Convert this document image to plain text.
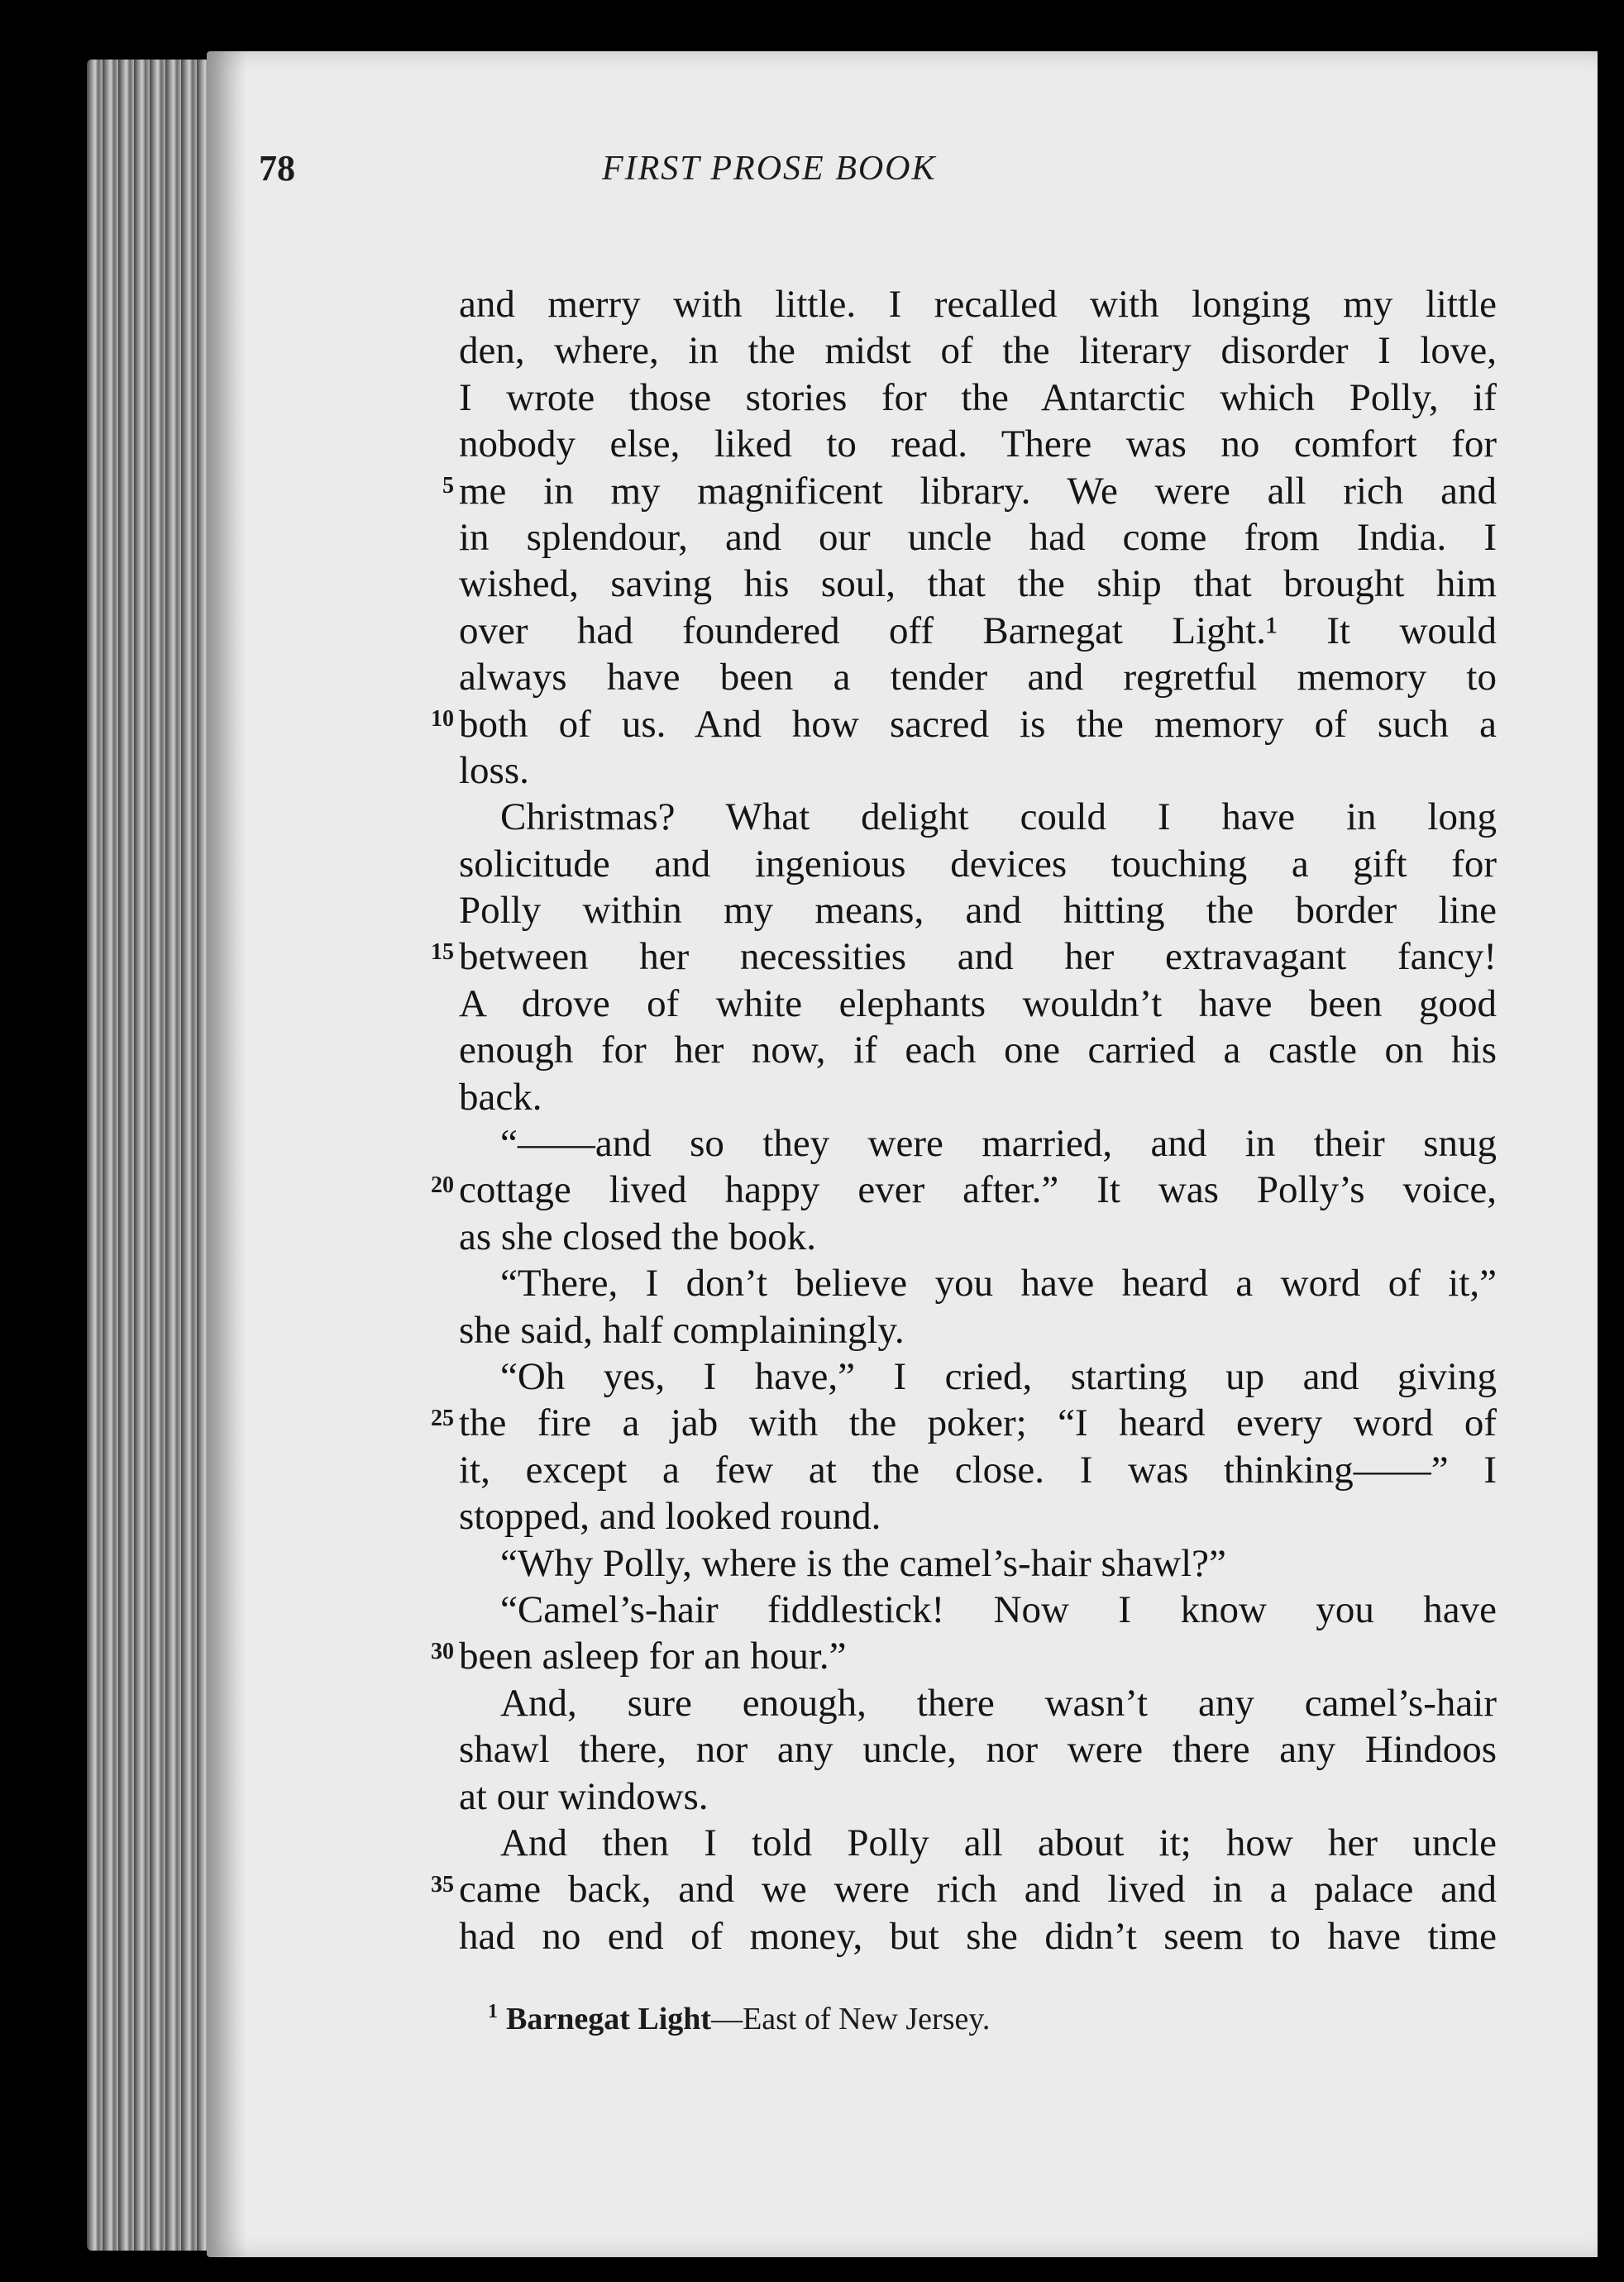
78	FIRST PROSE BOOK
and merry with little. I recalled with longing my little
den, where, in the midst of the literary disorder I love,
I wrote those stories for the Antarctic which Polly, if
nobody else, liked to read. There was no comfort for
me in my magnificent library. We were all rich and
5
in splendour, and our uncle had come from India. I
wished, saving his soul, that the ship that brought him
over had foundered off Barnegat Light.¹ It would
always have been a tender and regretful memory to
both of us. And how sacred is the memory of such a
10
loss.
Christmas? What delight could I have in long
solicitude and ingenious devices touching a gift for
Polly within my means, and hitting the border line
between her necessities and her extravagant fancy!
15
A drove of white elephants wouldn’t have been good
enough for her now, if each one carried a castle on his
back.
“——and so they were married, and in their snug
cottage lived happy ever after.” It was Polly’s voice,
20
as she closed the book.
“There, I don’t believe you have heard a word of it,”
she said, half complainingly.
“Oh yes, I have,” I cried, starting up and giving
the fire a jab with the poker; “I heard every word of
25
it, except a few at the close. I was thinking——” I
stopped, and looked round.
“Why Polly, where is the camel’s-hair shawl?”
“Camel’s-hair fiddlestick! Now I know you have
been asleep for an hour.”
30
And, sure enough, there wasn’t any camel’s-hair
shawl there, nor any uncle, nor were there any Hindoos
at our windows.
And then I told Polly all about it; how her uncle
came back, and we were rich and lived in a palace and
35
had no end of money, but she didn’t seem to have time
$^1$ Barnegat Light—East of New Jersey.
